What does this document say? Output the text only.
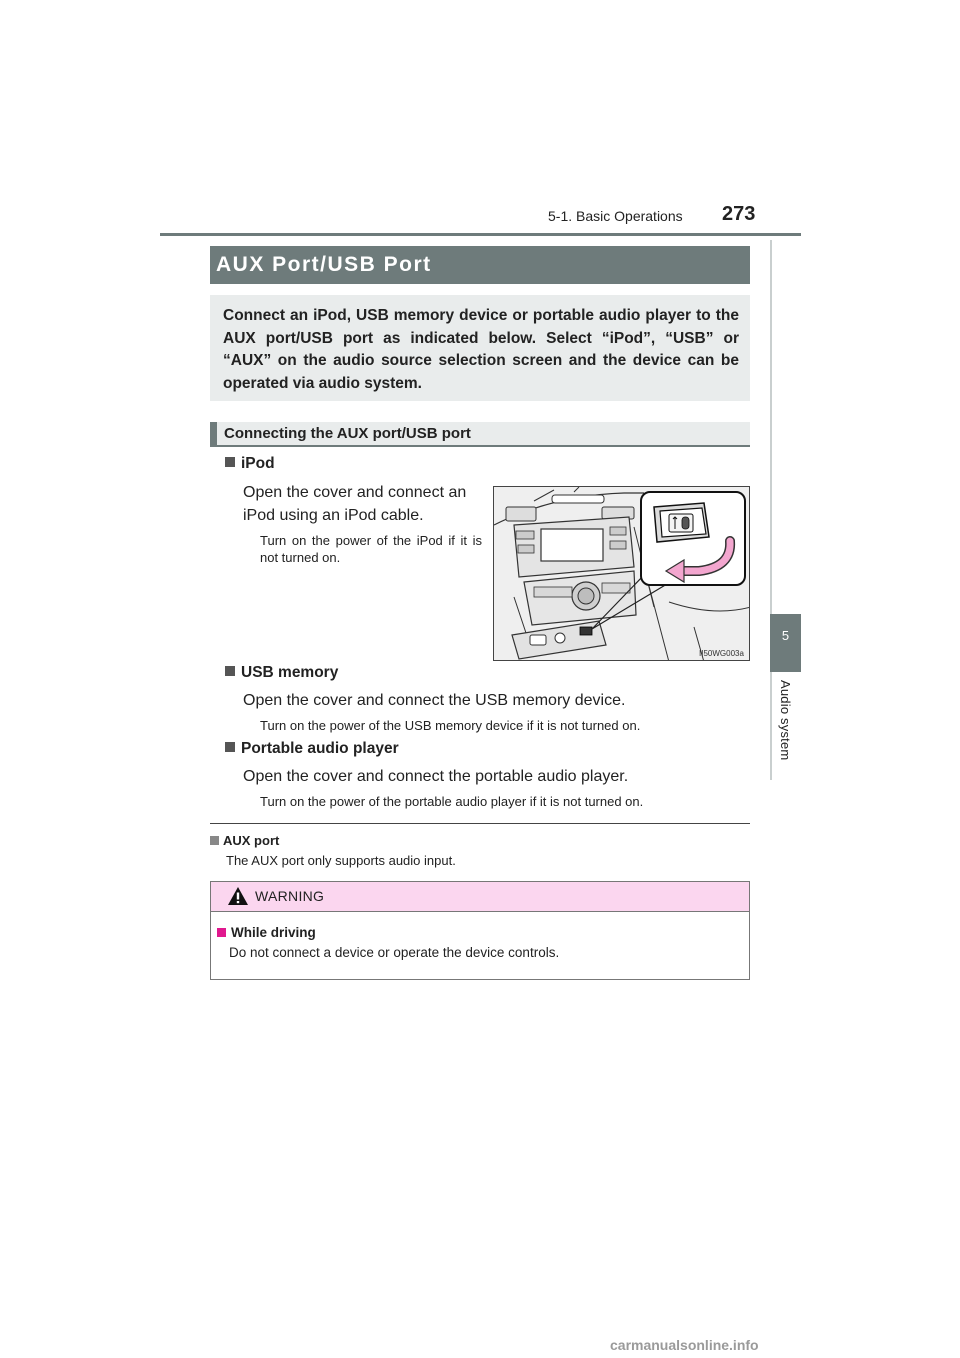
5-1. Basic Operations 273
5
Audio system
AUX Port/USB Port
Connect an iPod, USB memory device or portable audio player to the AUX port/USB port as indicated below. Select “iPod”, “USB” or “AUX” on the audio source selection screen and the device can be operated via audio system.
Connecting the AUX port/USB port
iPod
Open the cover and connect an iPod using an iPod cable.
Turn on the power of the iPod if it is not turned on.
II50WG003a
USB memory
Open the cover and connect the USB memory device.
Turn on the power of the USB memory device if it is not turned on.
Portable audio player
Open the cover and connect the portable audio player.
Turn on the power of the portable audio player if it is not turned on.
AUX port
The AUX port only supports audio input.
WARNING
While driving
Do not connect a device or operate the device controls.
carmanualsonline.info
